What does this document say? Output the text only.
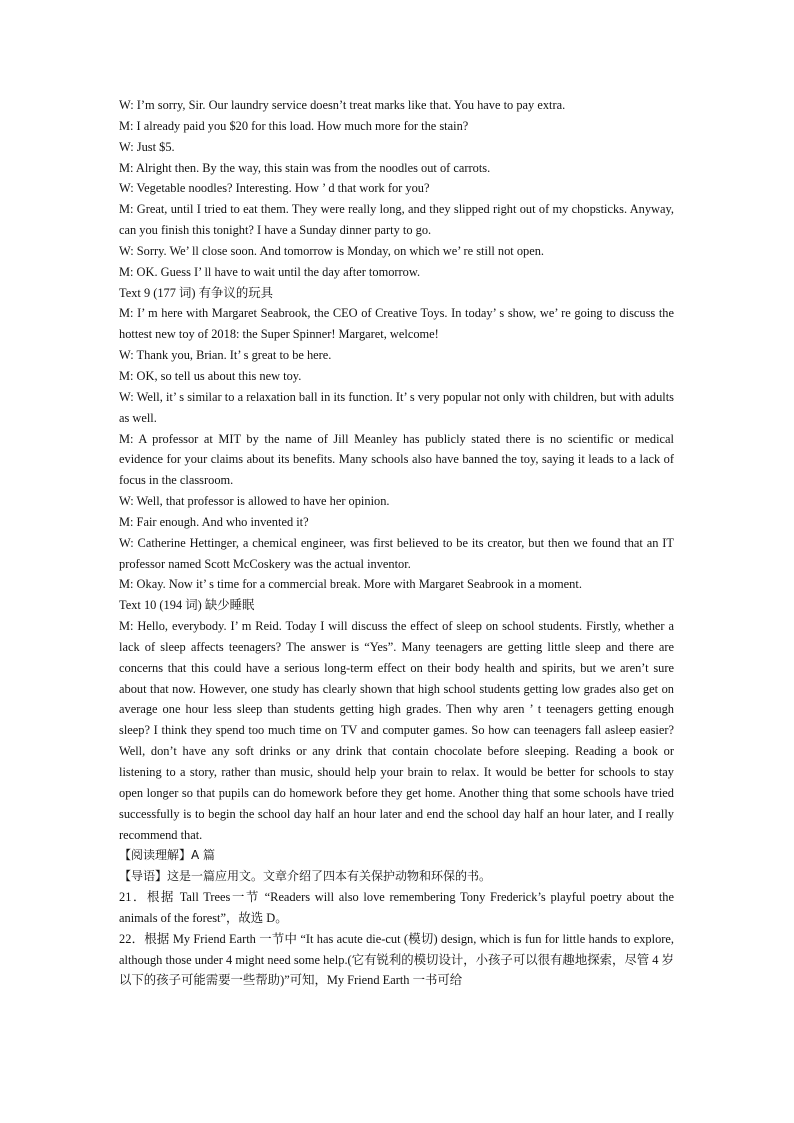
W: I’m sorry, Sir. Our laundry service doesn’t treat marks like that. You have to pay extra.
M: I already paid you $20 for this load. How much more for the stain?
W: Just $5.
M: Alright then. By the way, this stain was from the noodles out of carrots.
W: Vegetable noodles? Interesting. How ’ d that work for you?
M: Great, until I tried to eat them. They were really long, and they slipped right out of my chopsticks. Anyway, can you finish this tonight? I have a Sunday dinner party to go.
W: Sorry. We’ ll close soon. And tomorrow is Monday, on which we’ re still not open.
M: OK. Guess I’ ll have to wait until the day after tomorrow.
Text 9 (177 词) 有争议的玩具
M: I’ m here with Margaret Seabrook, the CEO of Creative Toys. In today’ s show, we’ re going to discuss the hottest new toy of 2018: the Super Spinner! Margaret, welcome!
W: Thank you, Brian. It’ s great to be here.
M: OK, so tell us about this new toy.
W: Well, it’ s similar to a relaxation ball in its function. It’ s very popular not only with children, but with adults as well.
M: A professor at MIT by the name of Jill Meanley has publicly stated there is no scientific or medical evidence for your claims about its benefits. Many schools also have banned the toy, saying it leads to a lack of focus in the classroom.
W: Well, that professor is allowed to have her opinion.
M: Fair enough. And who invented it?
W: Catherine Hettinger, a chemical engineer, was first believed to be its creator, but then we found that an IT professor named Scott McCoskery was the actual inventor.
M: Okay. Now it’ s time for a commercial break. More with Margaret Seabrook in a moment.
Text 10 (194 词) 缺少睡眠
M: Hello, everybody. I’ m Reid. Today I will discuss the effect of sleep on school students. Firstly, whether a lack of sleep affects teenagers? The answer is “Yes”. Many teenagers are getting little sleep and there are concerns that this could have a serious long-term effect on their body health and spirits, but we aren’t sure about that now. However, one study has clearly shown that high school students getting low grades also get on average one hour less sleep than students getting high grades. Then why aren ’ t teenagers getting enough sleep? I think they spend too much time on TV and computer games. So how can teenagers fall asleep easier? Well, don’t have any soft drinks or any drink that contain chocolate before sleeping. Reading a book or listening to a story, rather than music, should help your brain to relax. It would be better for schools to stay open longer so that pupils can do homework before they get home. Another thing that some schools have tried successfully is to begin the school day half an hour later and end the school day half an hour later, and I really recommend that.
【阅读理解】A 篇
【导语】这是一篇应用文。文章介绍了四本有关保护动物和环保的书。
21．根据 Tall Trees一节 “Readers will also love remembering Tony Frederick’s playful poetry about the animals of the forest”，故选 D。
22．根据 My Friend Earth 一节中 “It has acute die-cut (模切) design, which is fun for little hands to explore, although those under 4 might need some help.(它有锐利的模切设计，小孩子可以很有趣地探索，尽管 4 岁以下的孩子可能需要一些帮助)”可知，My Friend Earth 一书可给
